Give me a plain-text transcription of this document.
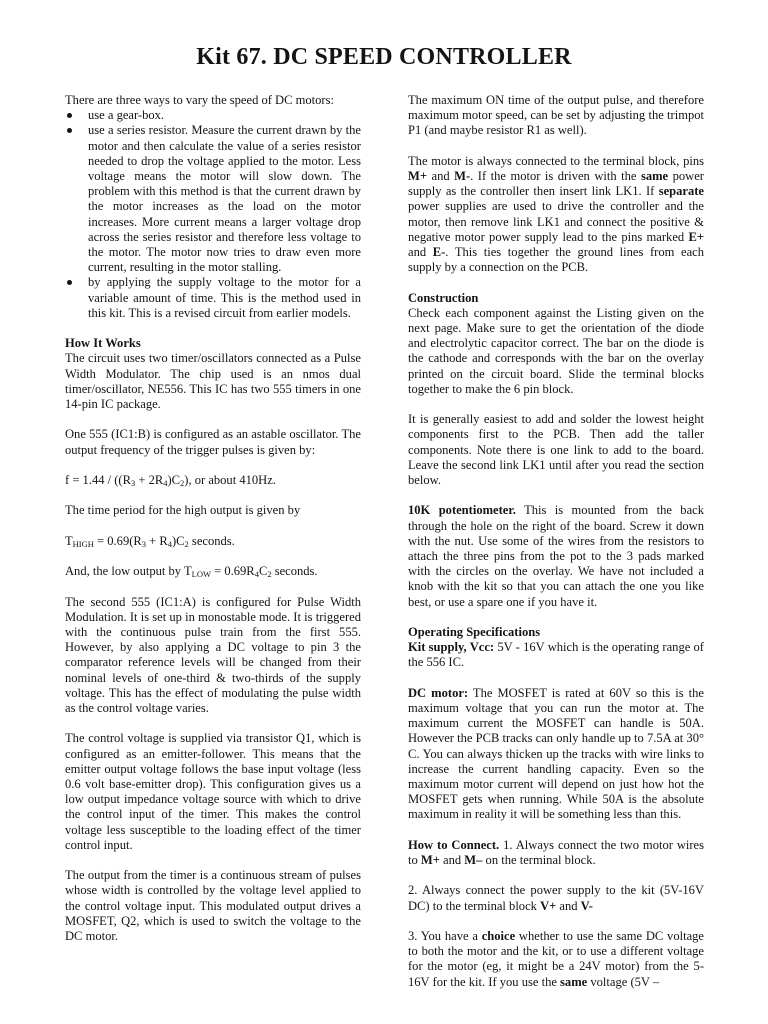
Kit 67. DC SPEED CONTROLLER

There are three ways to vary the speed of DC motors:

use a gear-box.
use a series resistor. Measure the current drawn by the motor and then calculate the value of a series resistor needed to drop the voltage applied to the motor. Less voltage means the motor will slow down. The problem with this method is that the current drawn by the motor increases as the load on the motor increases. More current means a larger voltage drop across the series resistor and therefore less voltage to the motor. The motor now tries to draw even more current, resulting in the motor stalling.
by applying the supply voltage to the motor for a variable amount of time. This is the method used in this kit. This is a revised circuit from earlier models.
How It Works

The circuit uses two timer/oscillators connected as a Pulse Width Modulator. The chip used is an nmos dual timer/oscillator, NE556. This IC has two 555 timers in one 14-pin IC package.

One 555 (IC1:B) is configured as an astable oscillator. The output frequency of the trigger pulses is given by:

$f = 1.44 / ((R_3 + 2R_4)C_2)$, or about 410Hz.

The time period for the high output is given by

$T_{HIGH} = 0.69(R_3 + R_4)C_2$ seconds.

And, the low output by $T_{LOW} = 0.69R_4C_2$ seconds.

The second 555 (IC1:A) is configured for Pulse Width Modulation. It is set up in monostable mode. It is triggered with the continuous pulse train from the first 555. However, by also applying a DC voltage to pin 3 the comparator reference levels will be changed from their nominal levels of one-third & two-thirds of the supply voltage. This has the effect of modulating the pulse width as the control voltage varies.

The control voltage is supplied via transistor Q1, which is configured as an emitter-follower. This means that the emitter output voltage follows the base input voltage (less 0.6 volt base-emitter drop). This configuration gives us a low output impedance voltage source with which to drive the control input of the timer. This makes the control voltage less susceptible to the loading effect of the timer control input.

The output from the timer is a continuous stream of pulses whose width is controlled by the voltage level applied to the control voltage input. This modulated output drives a MOSFET, Q2, which is used to switch the voltage to the DC motor.

The maximum ON time of the output pulse, and therefore maximum motor speed, can be set by adjusting the trimpot P1 (and maybe resistor R1 as well).

The motor is always connected to the terminal block, pins M+ and M-. If the motor is driven with the same power supply as the controller then insert link LK1. If separate power supplies are used to drive the controller and the motor, then remove link LK1 and connect the positive & negative motor power supply lead to the pins marked E+ and E-. This ties together the ground lines from each supply by a connection on the PCB.

Construction

Check each component against the Listing given on the next page. Make sure to get the orientation of the diode and electrolytic capacitor correct. The bar on the diode is the cathode and corresponds with the bar on the overlay printed on the circuit board. Slide the terminal blocks together to make the 6 pin block.

It is generally easiest to add and solder the lowest height components first to the PCB. Then add the taller components. Note there is one link to add to the board. Leave the second link LK1 until after you read the section below.

10K potentiometer. This is mounted from the back through the hole on the right of the board. Screw it down with the nut. Use some of the wires from the resistors to attach the three pins from the pot to the 3 pads marked with the circles on the overlay. We have not included a knob with the kit so that you can attach the one you like best, or use a spare one if you have it.

Operating Specifications

Kit supply, Vcc: 5V - 16V which is the operating range of the 556 IC.

DC motor: The MOSFET is rated at 60V so this is the maximum voltage that you can run the motor at. The maximum current the MOSFET can handle is 50A. However the PCB tracks can only handle up to 7.5A at 30° C. You can always thicken up the tracks with wire links to increase the current handling capacity. Even so the maximum motor current will depend on just how hot the MOSFET gets when running. While 50A is the absolute maximum in reality it will be something less than this.

How to Connect. 1. Always connect the two motor wires to M+ and M– on the terminal block.

2. Always connect the power supply to the kit (5V-16V DC) to the terminal block V+ and V-

3. You have a choice whether to use the same DC voltage to both the motor and the kit, or to use a different voltage for the motor (eg, it might be a 24V motor) from the 5-16V for the kit. If you use the same voltage (5V –
